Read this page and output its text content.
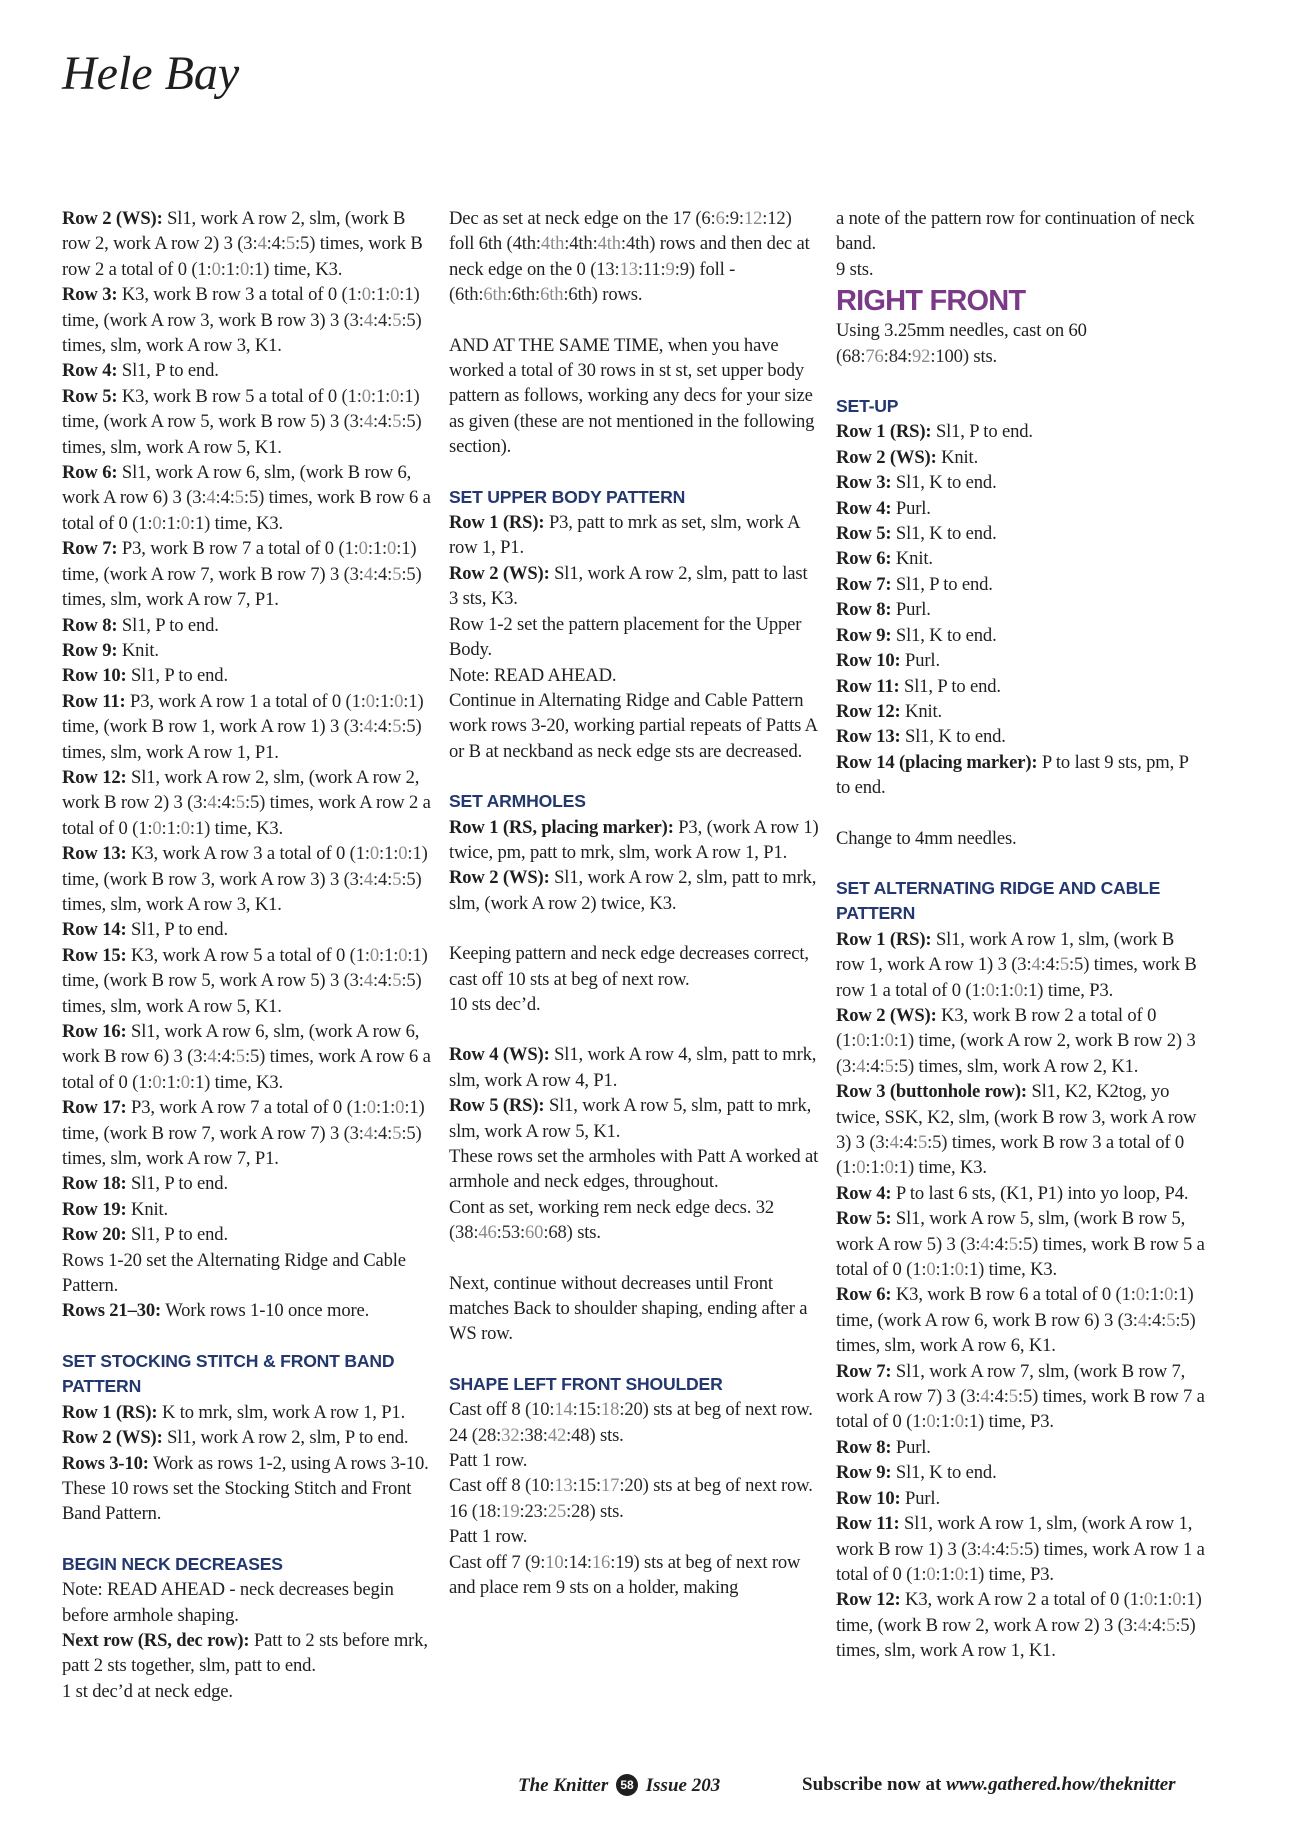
Hele Bay

Row 2 (WS): Sl1, work A row 2, slm, (work B row 2, work A row 2) 3 (3:4:4:5:5) times, work B row 2 a total of 0 (1:0:1:0:1) time, K3.

Row 3: K3, work B row 3 a total of 0 (1:0:1:0:1) time, (work A row 3, work B row 3) 3 (3:4:4:5:5) times, slm, work A row 3, K1.

Row 4: Sl1, P to end.

Row 5: K3, work B row 5 a total of 0 (1:0:1:0:1) time, (work A row 5, work B row 5) 3 (3:4:4:5:5) times, slm, work A row 5, K1.

Row 6: Sl1, work A row 6, slm, (work B row 6, work A row 6) 3 (3:4:4:5:5) times, work B row 6 a total of 0 (1:0:1:0:1) time, K3.

Row 7: P3, work B row 7 a total of 0 (1:0:1:0:1) time, (work A row 7, work B row 7) 3 (3:4:4:5:5) times, slm, work A row 7, P1.

Row 8: Sl1, P to end.

Row 9: Knit.

Row 10: Sl1, P to end.

Row 11: P3, work A row 1 a total of 0 (1:0:1:0:1) time, (work B row 1, work A row 1) 3 (3:4:4:5:5) times, slm, work A row 1, P1.

Row 12: Sl1, work A row 2, slm, (work A row 2, work B row 2) 3 (3:4:4:5:5) times, work A row 2 a total of 0 (1:0:1:0:1) time, K3.

Row 13: K3, work A row 3 a total of 0 (1:0:1:0:1) time, (work B row 3, work A row 3) 3 (3:4:4:5:5) times, slm, work A row 3, K1.

Row 14: Sl1, P to end.

Row 15: K3, work A row 5 a total of 0 (1:0:1:0:1) time, (work B row 5, work A row 5) 3 (3:4:4:5:5) times, slm, work A row 5, K1.

Row 16: Sl1, work A row 6, slm, (work A row 6, work B row 6) 3 (3:4:4:5:5) times, work A row 6 a total of 0 (1:0:1:0:1) time, K3.

Row 17: P3, work A row 7 a total of 0 (1:0:1:0:1) time, (work B row 7, work A row 7) 3 (3:4:4:5:5) times, slm, work A row 7, P1.

Row 18: Sl1, P to end.

Row 19: Knit.

Row 20: Sl1, P to end.

Rows 1-20 set the Alternating Ridge and Cable Pattern.

Rows 21–30: Work rows 1-10 once more.

SET STOCKING STITCH & FRONT BAND PATTERN

Row 1 (RS): K to mrk, slm, work A row 1, P1.

Row 2 (WS): Sl1, work A row 2, slm, P to end.

Rows 3-10: Work as rows 1-2, using A rows 3-10.

These 10 rows set the Stocking Stitch and Front Band Pattern.

BEGIN NECK DECREASES

Note: READ AHEAD - neck decreases begin before armhole shaping.

Next row (RS, dec row): Patt to 2 sts before mrk, patt 2 sts together, slm, patt to end.

1 st dec’d at neck edge.

Dec as set at neck edge on the 17 (6:6:9:12:12) foll 6th (4th:4th:4th:4th:4th) rows and then dec at neck edge on the 0 (13:13:11:9:9) foll - (6th:6th:6th:6th:6th) rows.

AND AT THE SAME TIME, when you have worked a total of 30 rows in st st, set upper body pattern as follows, working any decs for your size as given (these are not mentioned in the following section).

SET UPPER BODY PATTERN

Row 1 (RS): P3, patt to mrk as set, slm, work A row 1, P1.

Row 2 (WS): Sl1, work A row 2, slm, patt to last 3 sts, K3.

Row 1-2 set the pattern placement for the Upper Body.

Note: READ AHEAD.

Continue in Alternating Ridge and Cable Pattern work rows 3-20, working partial repeats of Patts A or B at neckband as neck edge sts are decreased.

SET ARMHOLES

Row 1 (RS, placing marker): P3, (work A row 1) twice, pm, patt to mrk, slm, work A row 1, P1.

Row 2 (WS): Sl1, work A row 2, slm, patt to mrk, slm, (work A row 2) twice, K3.

Keeping pattern and neck edge decreases correct, cast off 10 sts at beg of next row.

10 sts dec’d.

Row 4 (WS): Sl1, work A row 4, slm, patt to mrk, slm, work A row 4, P1.

Row 5 (RS): Sl1, work A row 5, slm, patt to mrk, slm, work A row 5, K1.

These rows set the armholes with Patt A worked at armhole and neck edges, throughout.

Cont as set, working rem neck edge decs. 32 (38:46:53:60:68) sts.

Next, continue without decreases until Front matches Back to shoulder shaping, ending after a WS row.

SHAPE LEFT FRONT SHOULDER

Cast off 8 (10:14:15:18:20) sts at beg of next row.

24 (28:32:38:42:48) sts.

Patt 1 row.

Cast off 8 (10:13:15:17:20) sts at beg of next row.

16 (18:19:23:25:28) sts.

Patt 1 row.

Cast off 7 (9:10:14:16:19) sts at beg of next row and place rem 9 sts on a holder, making

a note of the pattern row for continuation of neck band.

9 sts.

RIGHT FRONT

Using 3.25mm needles, cast on 60 (68:76:84:92:100) sts.

SET-UP

Row 1 (RS): Sl1, P to end.

Row 2 (WS): Knit.

Row 3: Sl1, K to end.

Row 4: Purl.

Row 5: Sl1, K to end.

Row 6: Knit.

Row 7: Sl1, P to end.

Row 8: Purl.

Row 9: Sl1, K to end.

Row 10: Purl.

Row 11: Sl1, P to end.

Row 12: Knit.

Row 13: Sl1, K to end.

Row 14 (placing marker): P to last 9 sts, pm, P to end.

Change to 4mm needles.

SET ALTERNATING RIDGE AND CABLE PATTERN

Row 1 (RS): Sl1, work A row 1, slm, (work B row 1, work A row 1) 3 (3:4:4:5:5) times, work B row 1 a total of 0 (1:0:1:0:1) time, P3.

Row 2 (WS): K3, work B row 2 a total of 0 (1:0:1:0:1) time, (work A row 2, work B row 2) 3 (3:4:4:5:5) times, slm, work A row 2, K1.

Row 3 (buttonhole row): Sl1, K2, K2tog, yo twice, SSK, K2, slm, (work B row 3, work A row 3) 3 (3:4:4:5:5) times, work B row 3 a total of 0 (1:0:1:0:1) time, K3.

Row 4: P to last 6 sts, (K1, P1) into yo loop, P4.

Row 5: Sl1, work A row 5, slm, (work B row 5, work A row 5) 3 (3:4:4:5:5) times, work B row 5 a total of 0 (1:0:1:0:1) time, K3.

Row 6: K3, work B row 6 a total of 0 (1:0:1:0:1) time, (work A row 6, work B row 6) 3 (3:4:4:5:5) times, slm, work A row 6, K1.

Row 7: Sl1, work A row 7, slm, (work B row 7, work A row 7) 3 (3:4:4:5:5) times, work B row 7 a total of 0 (1:0:1:0:1) time, P3.

Row 8: Purl.

Row 9: Sl1, K to end.

Row 10: Purl.

Row 11: Sl1, work A row 1, slm, (work A row 1, work B row 1) 3 (3:4:4:5:5) times, work A row 1 a total of 0 (1:0:1:0:1) time, P3.

Row 12: K3, work A row 2 a total of 0 (1:0:1:0:1) time, (work B row 2, work A row 2) 3 (3:4:4:5:5) times, slm, work A row 1, K1.

The Knitter 58 Issue 203	Subscribe now at www.gathered.how/theknitter
